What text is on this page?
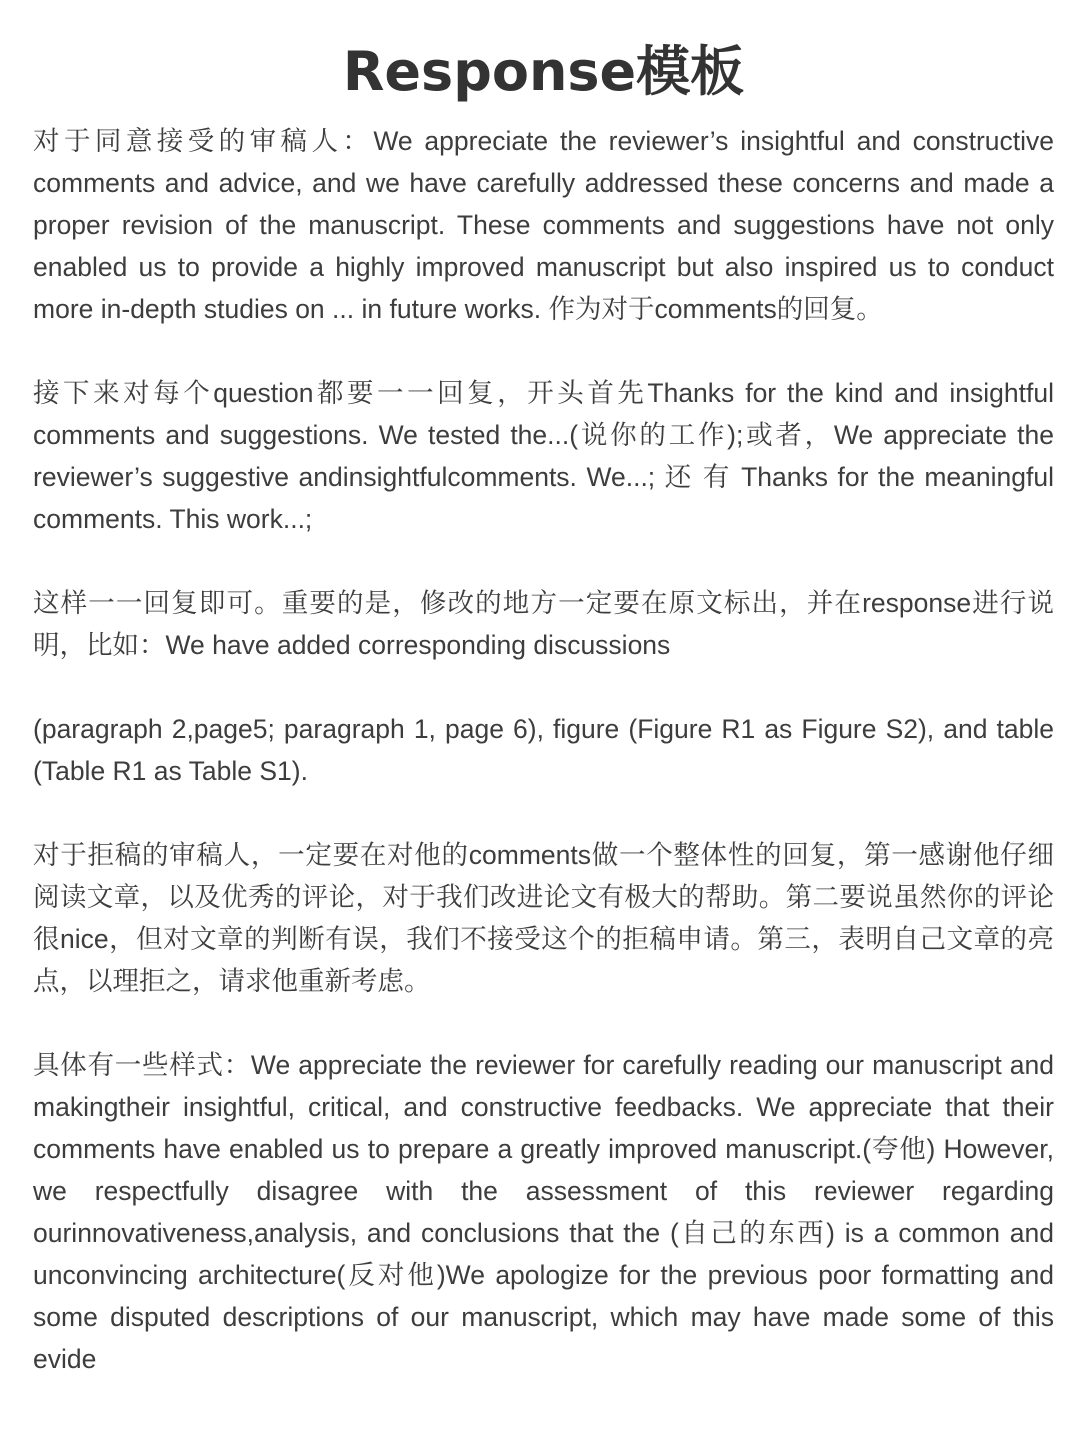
Response模板

对于同意接受的审稿人：We appreciate the reviewer’s insightful and constructive comments and advice, and we have carefully addressed these concerns and made a proper revision of the manuscript. These comments and suggestions have not only enabled us to provide a highly improved manuscript but also inspired us to conduct more in-depth studies on ... in future works. 作为对于comments的回复。

接下来对每个question都要一一回复，开头首先Thanks for the kind and insightful comments and suggestions. We tested the...(说你的工作);或者，We appreciate the reviewer’s suggestive andinsightfulcomments. We...; 还 有 Thanks for the meaningful comments. This work...;

这样一一回复即可。重要的是，修改的地方一定要在原文标出，并在response进行说明，比如：We have added corresponding discussions

(paragraph 2,page5; paragraph 1, page 6), figure (Figure R1 as Figure S2), and table (Table R1 as Table S1).

对于拒稿的审稿人，一定要在对他的comments做一个整体性的回复，第一感谢他仔细阅读文章，以及优秀的评论，对于我们改进论文有极大的帮助。第二要说虽然你的评论很nice，但对文章的判断有误，我们不接受这个的拒稿申请。第三，表明自己文章的亮点，以理拒之，请求他重新考虑。

具体有一些样式：We appreciate the reviewer for carefully reading our manuscript and makingtheir insightful, critical, and constructive feedbacks. We appreciate that their comments have enabled us to prepare a greatly improved manuscript.(夸他) However, we respectfully disagree with the assessment of this reviewer regarding ourinnovativeness,analysis, and conclusions that the (自己的东西) is a common and unconvincing architecture(反对他)We apologize for the previous poor formatting and some disputed descriptions of our manuscript, which may have made some of this evide
